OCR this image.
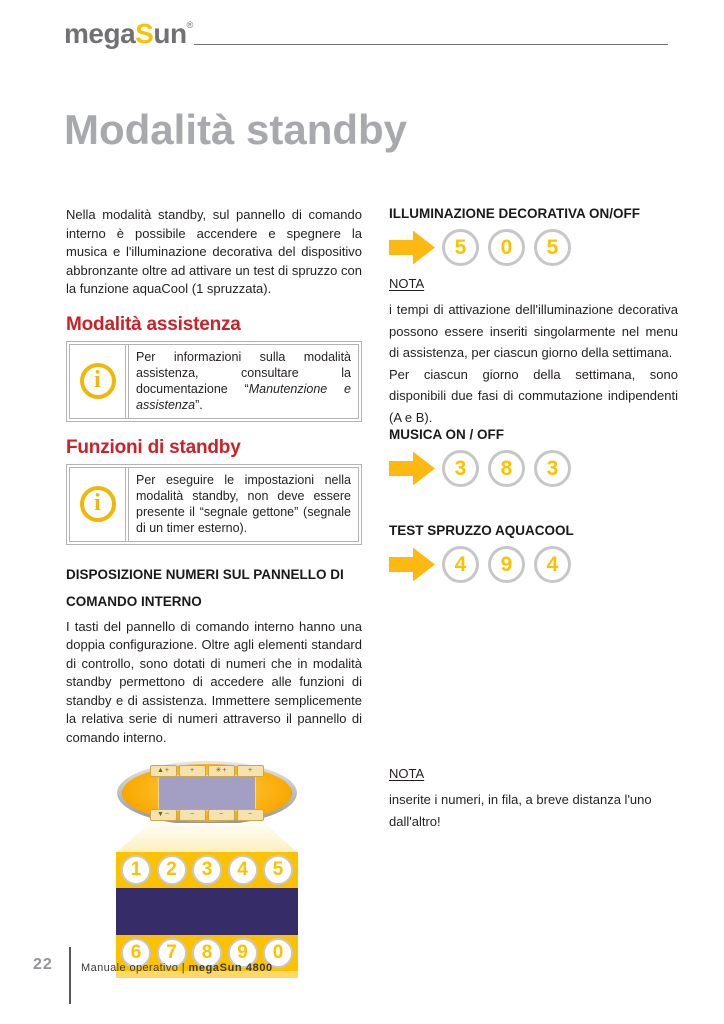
megaSun®
Modalità standby

Nella modalità standby, sul pannello di comando interno è possibile accendere e spegnere la musica e l'illuminazione decorativa del dispositivo abbronzante oltre ad attivare un test di spruzzo con la funzione aquaCool (1 spruzzata).

Modalità assistenza
i
Per informazioni sulla modalità assistenza, consultare la documentazione “Manutenzione e assistenza”.
Funzioni di standby
i
Per eseguire le impostazioni nella modalità standby, non deve essere presente il “segnale gettone” (segnale di un timer esterno).
DISPOSIZIONE NUMERI SUL PANNELLO DI COMANDO INTERNO

I tasti del pannello di comando interno hanno una doppia configurazione. Oltre agli elementi standard di controllo, sono dotati di numeri che in modalità standby permettono di accedere alle funzioni di standby e di assistenza. Immettere semplicemente la relativa serie di numeri attraverso il pannello di comando interno.

▲+	+	✳+	+
▼−	−	−	−
1	2	3	4	5
6	7	8	9	0
ILLUMINAZIONE DECORATIVA ON/OFF
5	0	5
NOTA

i tempi di attivazione dell'illuminazione decorativa possono essere inseriti singolarmente nel menu di assistenza, per ciascun giorno della settimana.

Per ciascun giorno della settimana, sono disponibili due fasi di commutazione indipendenti (A e B).

MUSICA ON / OFF
3	8	3
TEST SPRUZZO AQUACOOL
4	9	4
NOTA

inserite i numeri, in fila, a breve distanza l'uno dall'altro!

22	Manuale operativo | megaSun 4800
